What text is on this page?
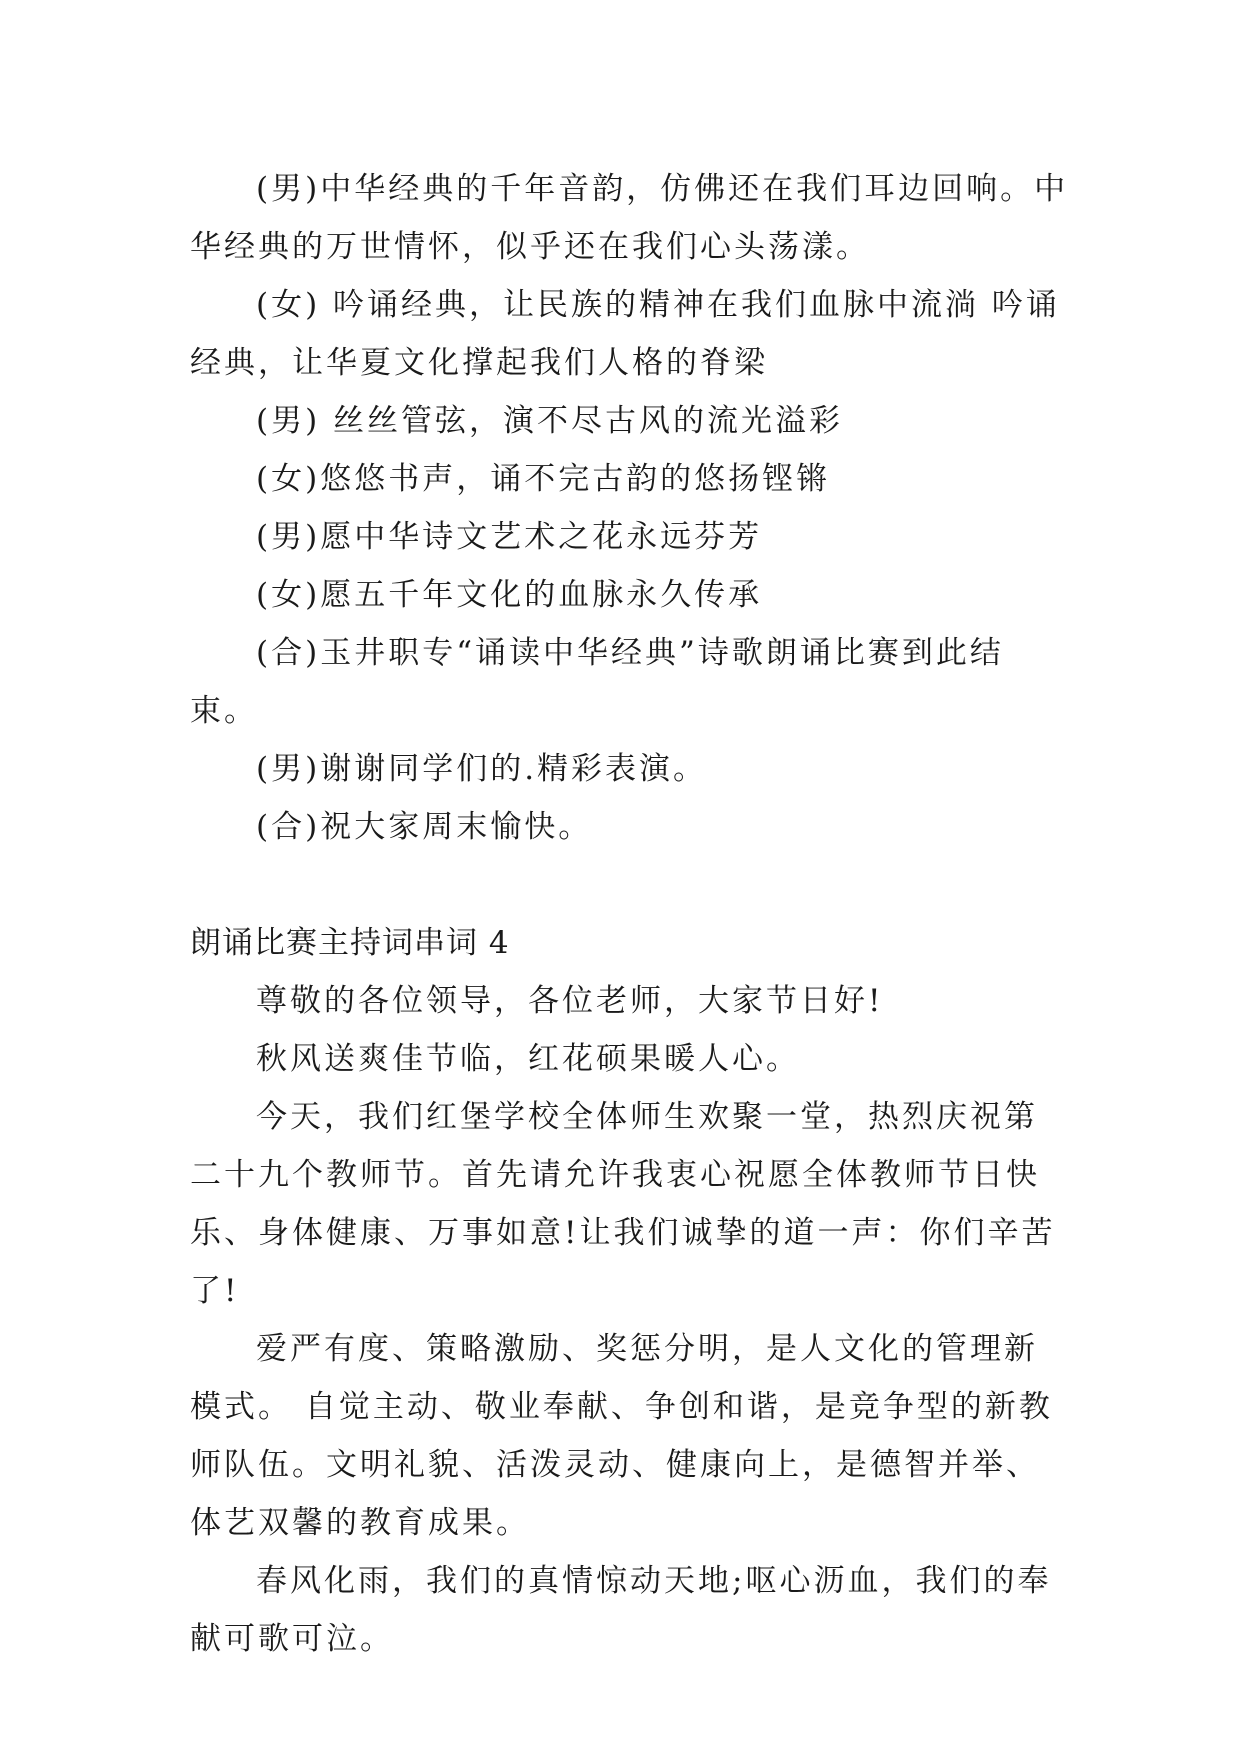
(男)中华经典的千年音韵，仿佛还在我们耳边回响。中华经典的万世情怀，似乎还在我们心头荡漾。

(女) 吟诵经典，让民族的精神在我们血脉中流淌 吟诵经典，让华夏文化撑起我们人格的脊梁

(男) 丝丝管弦，演不尽古风的流光溢彩

(女)悠悠书声，诵不完古韵的悠扬铿锵

(男)愿中华诗文艺术之花永远芬芳

(女)愿五千年文化的血脉永久传承

(合)玉井职专“诵读中华经典”诗歌朗诵比赛到此结束。

(男)谢谢同学们的.精彩表演。

(合)祝大家周末愉快。

朗诵比赛主持词串词 4

尊敬的各位领导，各位老师，大家节日好!

秋风送爽佳节临，红花硕果暖人心。

今天，我们红堡学校全体师生欢聚一堂，热烈庆祝第二十九个教师节。首先请允许我衷心祝愿全体教师节日快乐、身体健康、万事如意!让我们诚挚的道一声：你们辛苦了!

爱严有度、策略激励、奖惩分明，是人文化的管理新模式。 自觉主动、敬业奉献、争创和谐，是竞争型的新教师队伍。文明礼貌、活泼灵动、健康向上，是德智并举、体艺双馨的教育成果。

春风化雨，我们的真情惊动天地;呕心沥血，我们的奉献可歌可泣。
